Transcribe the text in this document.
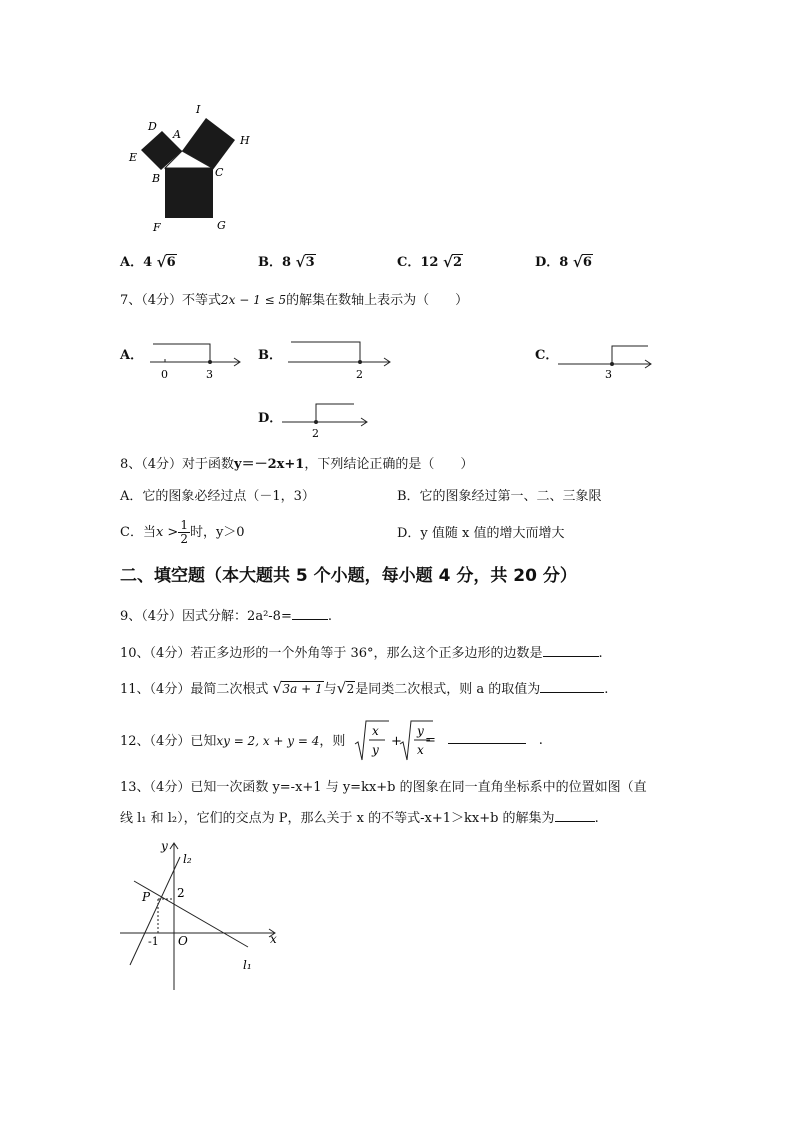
D
A
I
H
E
B	C
F	G
A．4 √ 6	B．8 √ 3	C．12 √ 2	D．8 √ 6
7、（4分）不等式2x − 1 ≤ 5的解集在数轴上表示为（　　）
A．
0	3
B．
2
C．
3
D．
2
8、（4分）对于函数y＝－2x+1，下列结论正确的是（　　）
A．它的图象必经过点（－1，3）	B．它的图象经过第一、二、三象限
C．当$x > \frac{1}{2}$ 时，y＞0	D．y 值随 x 值的增大而增大
二、填空题（本大题共 5 个小题，每小题 4 分，共 20 分）
9、（4分）因式分解：2a²-8=	.
10、（4分）若正多边形的一个外角等于 36°，那么这个正多边形的边数是	.
11、（4分）最简二次根式 √ 3a + 1与 √ 2是同类二次根式，则 a 的取值为	.
12、（4分）已知xy = 2, x + y = 4，则
x
y
+
y
x
=	.
13、（4分）已知一次函数 y=-x+1 与 y=kx+b 的图象在同一直角坐标系中的位置如图（直
线 l₁ 和 l₂），它们的交点为 P，那么关于 x 的不等式-x+1＞kx+b 的解集为	.
y
l₂
P 2
-1 O	x
l₁
